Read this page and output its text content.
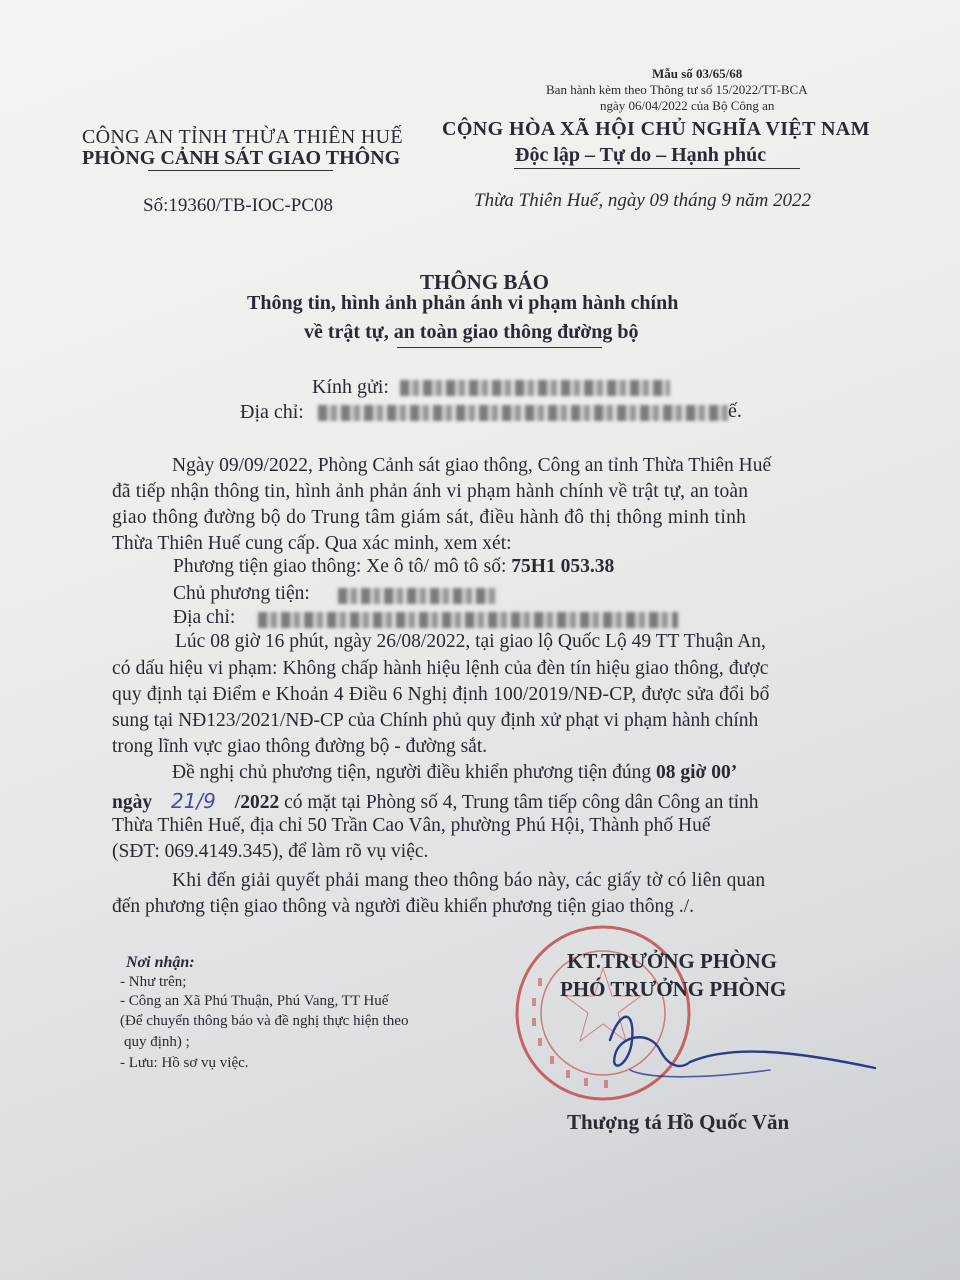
Mẫu số 03/65/68
Ban hành kèm theo Thông tư số 15/2022/TT-BCA
ngày 06/04/2022 của Bộ Công an
CÔNG AN TỈNH THỪA THIÊN HUẾ
PHÒNG CẢNH SÁT GIAO THÔNG
CỘNG HÒA XÃ HỘI CHỦ NGHĨA VIỆT NAM
Độc lập – Tự do – Hạnh phúc
Số:19360/TB-IOC-PC08	Thừa Thiên Huế, ngày 09 tháng 9 năm 2022
THÔNG BÁO
Thông tin, hình ảnh phản ánh vi phạm hành chính
về trật tự, an toàn giao thông đường bộ
Kính gửi:
Địa chỉ:	ế.
Ngày 09/09/2022, Phòng Cảnh sát giao thông, Công an tỉnh Thừa Thiên Huế
đã tiếp nhận thông tin, hình ảnh phản ánh vi phạm hành chính về trật tự, an toàn
giao thông đường bộ do Trung tâm giám sát, điều hành đô thị thông minh tỉnh
Thừa Thiên Huế cung cấp. Qua xác minh, xem xét:
Phương tiện giao thông: Xe ô tô/ mô tô số: 75H1 053.38
Chủ phương tiện:
Địa chỉ:
Lúc 08 giờ 16 phút, ngày 26/08/2022, tại giao lộ Quốc Lộ 49 TT Thuận An,
có dấu hiệu vi phạm: Không chấp hành hiệu lệnh của đèn tín hiệu giao thông, được
quy định tại Điểm e Khoản 4 Điều 6 Nghị định 100/2019/NĐ-CP, được sửa đổi bổ
sung tại NĐ123/2021/NĐ-CP của Chính phủ quy định xử phạt vi phạm hành chính
trong lĩnh vực giao thông đường bộ - đường sắt.
Đề nghị chủ phương tiện, người điều khiển phương tiện đúng 08 giờ 00’
ngày 21/9 /2022 có mặt tại Phòng số 4, Trung tâm tiếp công dân Công an tỉnh
Thừa Thiên Huế, địa chỉ 50 Trần Cao Vân, phường Phú Hội, Thành phố Huế
(SĐT: 069.4149.345), để làm rõ vụ việc.
Khi đến giải quyết phải mang theo thông báo này, các giấy tờ có liên quan
đến phương tiện giao thông và người điều khiển phương tiện giao thông ./.
Nơi nhận:
- Như trên;
- Công an Xã Phú Thuận, Phú Vang, TT Huế
(Để chuyển thông báo và đề nghị thực hiện theo
quy định) ;
- Lưu: Hồ sơ vụ việc.
KT.TRƯỞNG PHÒNG
PHÓ TRƯỞNG PHÒNG
Thượng tá Hồ Quốc Văn
